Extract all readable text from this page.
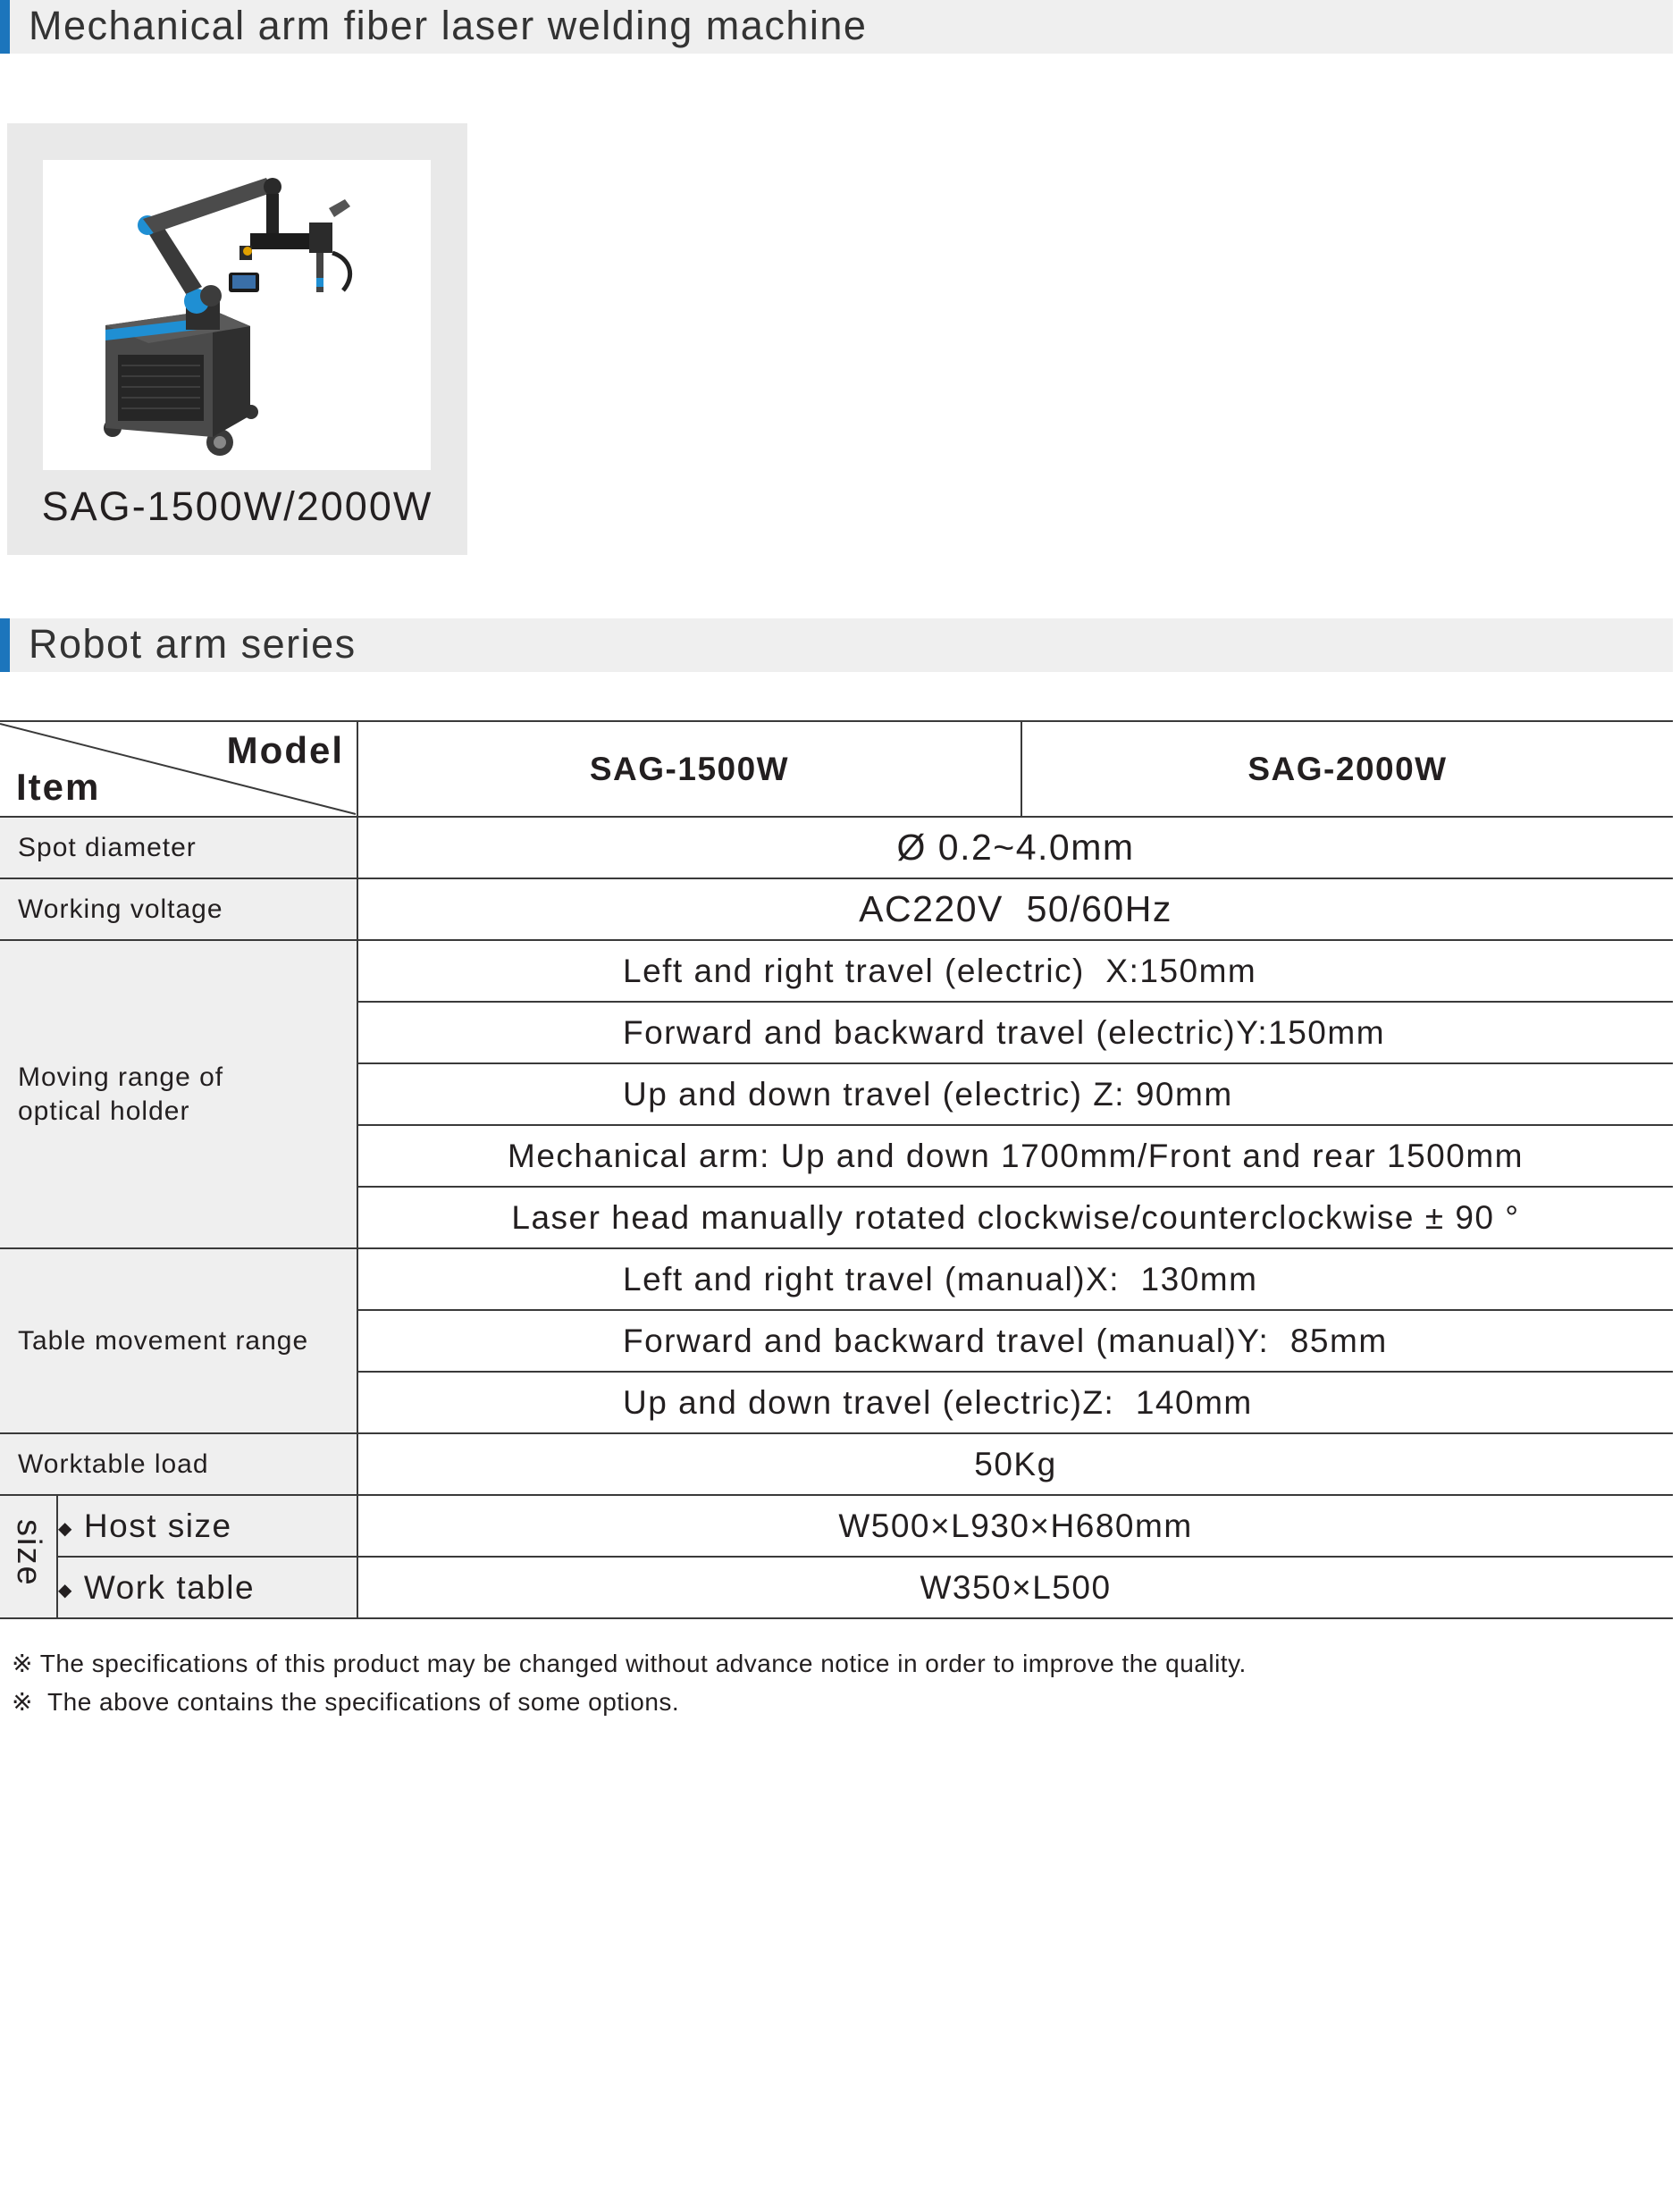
Mechanical arm fiber laser welding machine
SAG-1500W/2000W
Robot arm series
Model
Item		SAG-1500W	SAG-2000W
Spot diameter		Ø 0.2~4.0mm	
Working voltage		AC220V  50/60Hz	

Moving range of optical holder		Left and right travel (electric)  X:150mm	
		Forward and backward travel (electric)Y:150mm	
		Up and down travel (electric) Z: 90mm	
		Mechanical arm: Up and down 1700mm/Front and rear 1500mm	
		Laser head manually rotated clockwise/counterclockwise ± 90 °	
Table movement range		Left and right travel (manual)X:  130mm	
		Forward and backward travel (manual)Y:  85mm	
		Up and down travel (electric)Z:  140mm	
Worktable load		50Kg	
size	◆ Host size	W500×L930×H680mm	
	◆ Work table	W350×L500	
※ The specifications of this product may be changed without advance notice in order to improve the quality.
※  The above contains the specifications of some options.
